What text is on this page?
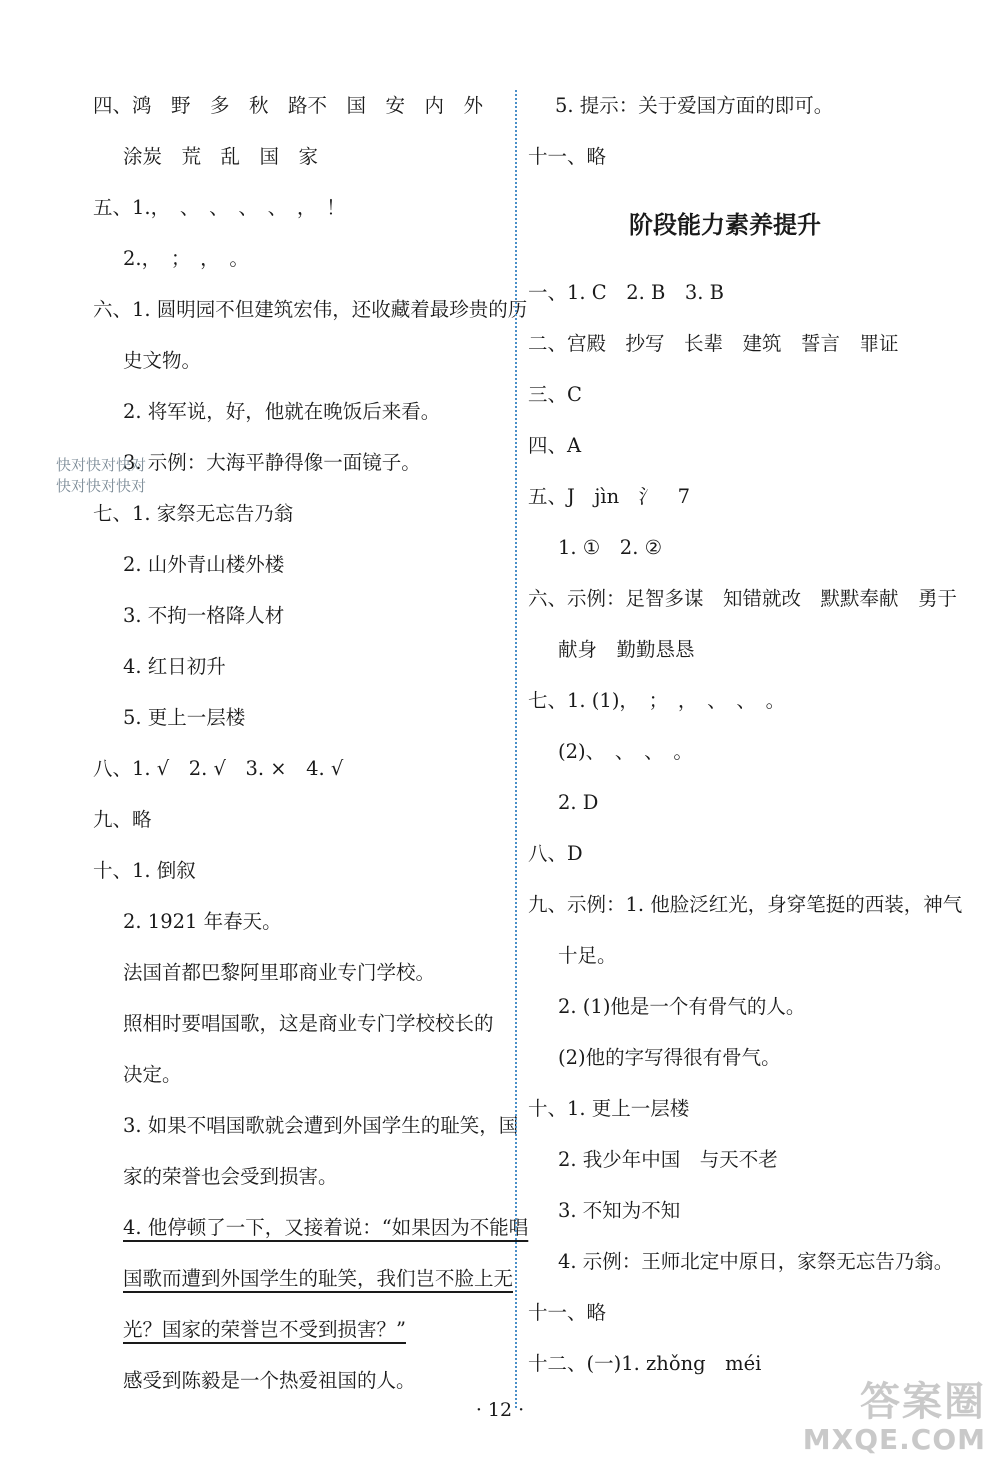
四、鸿　野　多　秋　路不　国　安　内　外
涂炭　荒　乱　国　家
五、1.，　、　、　、　、　，　！
2.，　；　，　。
六、1. 圆明园不但建筑宏伟，还收藏着最珍贵的历
史文物。
2. 将军说，好，他就在晚饭后来看。
3. 示例：大海平静得像一面镜子。
七、1. 家祭无忘告乃翁
2. 山外青山楼外楼
3. 不拘一格降人材
4. 红日初升
5. 更上一层楼
八、1. √　2. √　3. ×　4. √
九、略
十、1. 倒叙
2. 1921 年春天。
法国首都巴黎阿里耶商业专门学校。
照相时要唱国歌，这是商业专门学校校长的
决定。
3. 如果不唱国歌就会遭到外国学生的耻笑，国
家的荣誉也会受到损害。
4. 他停顿了一下，又接着说：“如果因为不能唱
国歌而遭到外国学生的耻笑，我们岂不脸上无
光？国家的荣誉岂不受到损害？”
感受到陈毅是一个热爱祖国的人。
5. 提示：关于爱国方面的即可。
十一、略
阶段能力素养提升
一、1. C　2. B　3. B
二、宫殿　抄写　长辈　建筑　誓言　罪证
三、C
四、A
五、J　jìn　氵　7
1. ①　2. ②
六、示例：足智多谋　知错就改　默默奉献　勇于
献身　勤勤恳恳
七、1. (1)，　；　，　、　、　。
(2)、　、　、　。
2. D
八、D
九、示例：1. 他脸泛红光，身穿笔挺的西装，神气
十足。
2. (1)他是一个有骨气的人。
(2)他的字写得很有骨气。
十、1. 更上一层楼
2. 我少年中国　与天不老
3. 不知为不知
4. 示例：王师北定中原日，家祭无忘告乃翁。
十一、略
十二、(一)1. zhǒng　méi
· 12 ·
快对快对快对
快对快对快对
答案圈
MXQE.COM
